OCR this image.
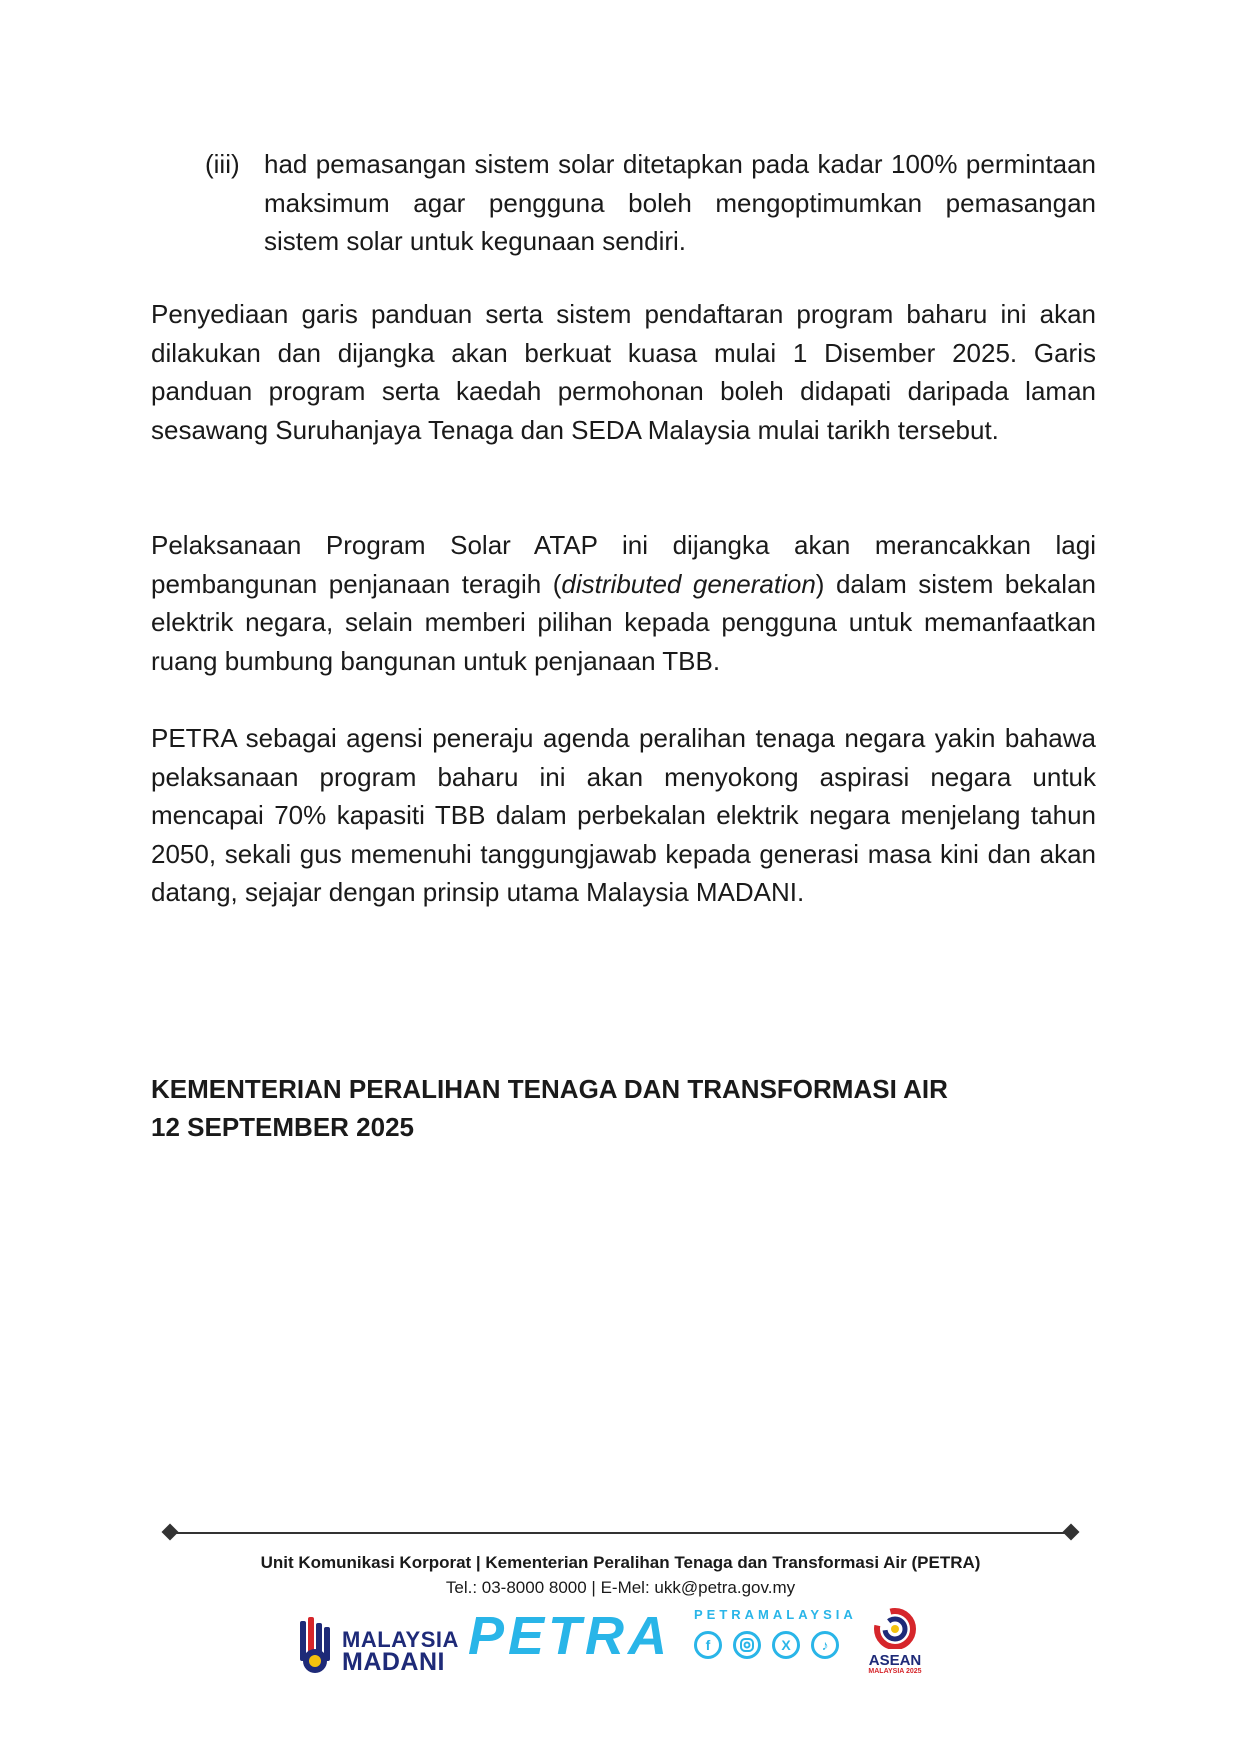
(iii) had pemasangan sistem solar ditetapkan pada kadar 100% permintaan maksimum agar pengguna boleh mengoptimumkan pemasangan sistem solar untuk kegunaan sendiri.
Penyediaan garis panduan serta sistem pendaftaran program baharu ini akan dilakukan dan dijangka akan berkuat kuasa mulai 1 Disember 2025. Garis panduan program serta kaedah permohonan boleh didapati daripada laman sesawang Suruhanjaya Tenaga dan SEDA Malaysia mulai tarikh tersebut.
Pelaksanaan Program Solar ATAP ini dijangka akan merancakkan lagi pembangunan penjanaan teragih (distributed generation) dalam sistem bekalan elektrik negara, selain memberi pilihan kepada pengguna untuk memanfaatkan ruang bumbung bangunan untuk penjanaan TBB.
PETRA sebagai agensi peneraju agenda peralihan tenaga negara yakin bahawa pelaksanaan program baharu ini akan menyokong aspirasi negara untuk mencapai 70% kapasiti TBB dalam perbekalan elektrik negara menjelang tahun 2050, sekali gus memenuhi tanggungjawab kepada generasi masa kini dan akan datang, sejajar dengan prinsip utama Malaysia MADANI.
KEMENTERIAN PERALIHAN TENAGA DAN TRANSFORMASI AIR
12 SEPTEMBER 2025
Unit Komunikasi Korporat | Kementerian Peralihan Tenaga dan Transformasi Air (PETRA)
Tel.: 03-8000 8000 | E-Mel: ukk@petra.gov.my
MALAYSIA
MADANI PETRA PETRAMALAYSIA
f	X	♪
ASEAN
MALAYSIA 2025
